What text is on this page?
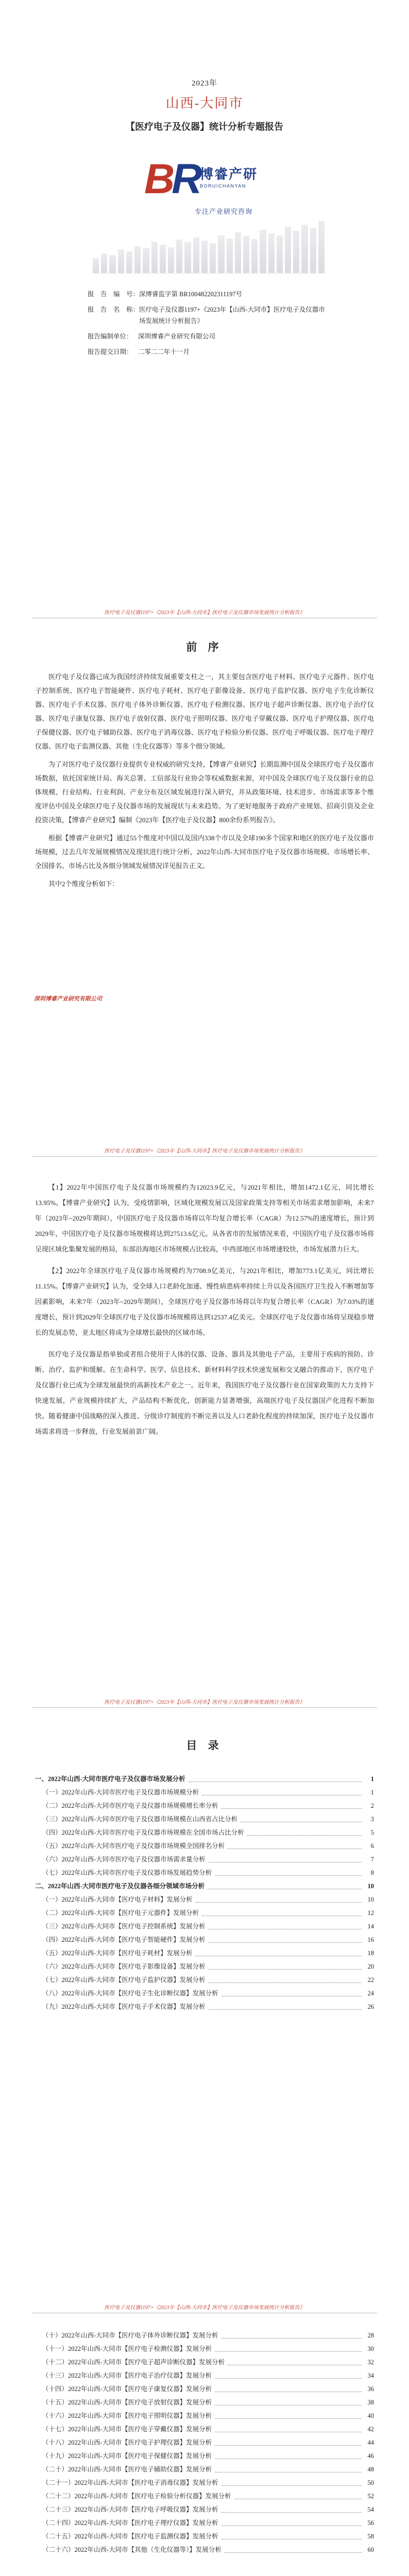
2023年
山西-大同市
【医疗电子及仪器】统计分析专题报告
BR 博睿产研
BORUICHANYAN
专注产业研究咨询
报　告　编　号： 深博睿监字第 BR100482202311197号
报　告　名　称： 医疗电子及仪器1197+《2023年【山西-大同市】医疗电子及仪器市场发展统计分析报告》
报告编制单位： 深圳博睿产业研究有限公司
报告提交日期： 二零二二年十一月
医疗电子及仪器1197+《2023年【山西-大同市】医疗电子及仪器市场发展统计分析报告》
前 序

医疗电子及仪器已成为我国经济持续发展重要支柱之一，其主要包含医疗电子材料、医疗电子元器件、医疗电子控制系统、医疗电子智能硬件、医疗电子耗材、医疗电子影像设备、医疗电子监护仪器、医疗电子生化诊断仪器、医疗电子手术仪器、医疗电子体外诊断仪器、医疗电子检测仪器、医疗电子超声诊断仪器、医疗电子治疗仪器、医疗电子康复仪器、医疗电子放射仪器、医疗电子照明仪器、医疗电子穿戴仪器、医疗电子护理仪器、医疗电子保健仪器、医疗电子辅助仪器、医疗电子消毒仪器、医疗电子检验分析仪器、医疗电子呼吸仪器、医疗电子理疗仪器、医疗电子监测仪器、其他（生化仪器等）等多个细分领域。

为了对医疗电子及仪器行业提供专业权威的研究支持，【博睿产业研究】长期监测中国及全球医疗电子及仪器市场数据，依托国家统计局、海关总署、工信部及行业协会等权威数据来源，对中国及全球医疗电子及仪器行业的总体规模、行业结构、行业利润、产业分布及区域发展进行深入研究，并从政策环境、技术进步、市场需求等多个维度评估中国及全球医疗电子及仪器市场的发展现状与未来趋势。为了更好地服务于政府产业规划、招商引资及企业投资决策，【博睿产业研究】编制《2023年【医疗电子及仪器】800余份系列报告》。

根据【博睿产业研究】通过55个维度对中国以及国内338个市以及全球190多个国家和地区的医疗电子及仪器市场规模，过去几年发展规模情况及现状进行统计分析，2022年山西-大同市医疗电子及仪器市场规模、市场增长率、全国排名、市场占比及各细分领域发展情况详见报告正文。

其中2个维度分析如下：

深圳博睿产业研究有限公司
医疗电子及仪器1197+《2023年【山西-大同市】医疗电子及仪器市场发展统计分析报告》

【1】2022年中国医疗电子及仪器市场规模约为12023.9亿元，与2021年相比，增加1472.1亿元，同比增长13.95%。【博睿产业研究】认为，受疫情影响，区域化规模发展以及国家政策支持等相关市场需求增加影响，未来7年（2023年~2029年期间），中国医疗电子及仪器市场将以年均复合增长率（CAGR）为12.57%的速度增长，预计到2029年，中国医疗电子及仪器市场规模将达到27513.6亿元。从各省市的发展情况来看，中国医疗电子及仪器市场将呈现区域化集聚发展的格局，东部沿海地区市场规模占比较高，中西部地区市场增速较快，市场发展潜力巨大。

【2】2022年全球医疗电子及仪器市场规模约为7708.9亿美元，与2021年相比，增加773.1亿美元，同比增长11.15%。【博睿产业研究】认为，受全球人口老龄化加速、慢性病患病率持续上升以及各国医疗卫生投入不断增加等因素影响，未来7年（2023年~2029年期间），全球医疗电子及仪器市场将以年均复合增长率（CAGR）为7.03%的速度增长，预计到2029年全球医疗电子及仪器市场规模将达到12537.4亿美元。全球医疗电子及仪器市场将呈现稳步增长的发展态势，亚太地区将成为全球增长最快的区域市场。

医疗电子及仪器是指单独或者组合使用于人体的仪器、设备、器具及其他电子产品，主要用于疾病的预防、诊断、治疗、监护和缓解。在生命科学、医学、信息技术、新材料科学技术快速发展和交叉融合的推动下，医疗电子及仪器行业已成为全球发展最快的高新技术产业之一。近年来，我国医疗电子及仪器行业在国家政策的大力支持下快速发展，产业规模持续扩大，产品结构不断优化，创新能力显著增强，高端医疗电子及仪器国产化进程不断加快。随着健康中国战略的深入推进、分级诊疗制度的不断完善以及人口老龄化程度的持续加深，医疗电子及仪器市场需求将进一步释放，行业发展前景广阔。

医疗电子及仪器1197+《2023年【山西-大同市】医疗电子及仪器市场发展统计分析报告》
目 录
一、2022年山西-大同市医疗电子及仪器市场发展分析	1
（一）2022年山西-大同市医疗电子及仪器市场规模分析	1
（二）2022年山西-大同市医疗电子及仪器市场规模增长率分析	2
（三）2022年山西-大同市医疗电子及仪器市场规模在山西省占比分析	3
（四）2022年山西-大同市医疗电子及仪器市场规模在全国市场占比分析	5
（五）2022年山西-大同市医疗电子及仪器市场规模全国排名分析	6
（六）2022年山西-大同市医疗电子及仪器市场需求量分析	7
（七）2022年山西-大同市医疗电子及仪器市场发展趋势分析	8
二、2022年山西-大同市医疗电子及仪器各细分领域市场分析	10
（一）2022年山西-大同市【医疗电子材料】发展分析	10
（二）2022年山西-大同市【医疗电子元器件】发展分析	12
（三）2022年山西-大同市【医疗电子控制系统】发展分析	14
（四）2022年山西-大同市【医疗电子智能硬件】发展分析	16
（五）2022年山西-大同市【医疗电子耗材】发展分析	18
（六）2022年山西-大同市【医疗电子影像设备】发展分析	20
（七）2022年山西-大同市【医疗电子监护仪器】发展分析	22
（八）2022年山西-大同市【医疗电子生化诊断仪器】发展分析	24
（九）2022年山西-大同市【医疗电子手术仪器】发展分析	26
医疗电子及仪器1197+《2023年【山西-大同市】医疗电子及仪器市场发展统计分析报告》
（十）2022年山西-大同市【医疗电子体外诊断仪器】发展分析	28
（十一）2022年山西-大同市【医疗电子检测仪器】发展分析	30
（十二）2022年山西-大同市【医疗电子超声诊断仪器】发展分析	32
（十三）2022年山西-大同市【医疗电子治疗仪器】发展分析	34
（十四）2022年山西-大同市【医疗电子康复仪器】发展分析	36
（十五）2022年山西-大同市【医疗电子放射仪器】发展分析	38
（十六）2022年山西-大同市【医疗电子照明仪器】发展分析	40
（十七）2022年山西-大同市【医疗电子穿戴仪器】发展分析	42
（十八）2022年山西-大同市【医疗电子护理仪器】发展分析	44
（十九）2022年山西-大同市【医疗电子保健仪器】发展分析	46
（二十）2022年山西-大同市【医疗电子辅助仪器】发展分析	48
（二十一）2022年山西-大同市【医疗电子消毒仪器】发展分析	50
（二十二）2022年山西-大同市【医疗电子检验分析仪器】发展分析	52
（二十三）2022年山西-大同市【医疗电子呼吸仪器】发展分析	54
（二十四）2022年山西-大同市【医疗电子理疗仪器】发展分析	56
（二十五）2022年山西-大同市【医疗电子监测仪器】发展分析	58
（二十六）2022年山西-大同市【其他（生化仪器等）】发展分析	60
